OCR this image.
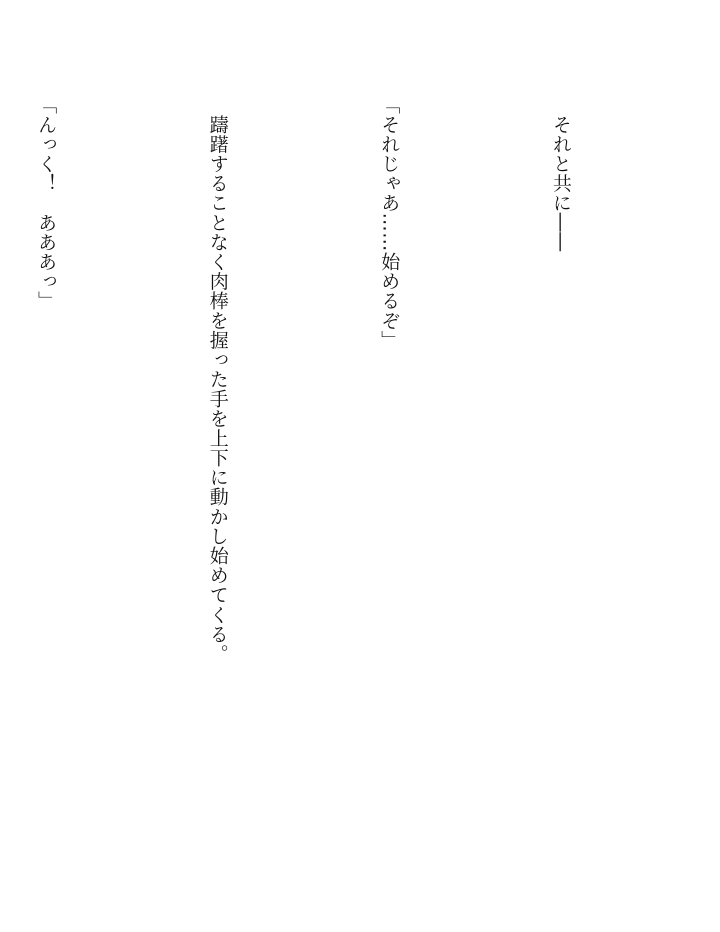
　それと共に――

「それじゃあ……始めるぞ」

　躊躇することなく肉棒を握った手を上下に動かし始めてくる。

「んっく！　あああっ」
